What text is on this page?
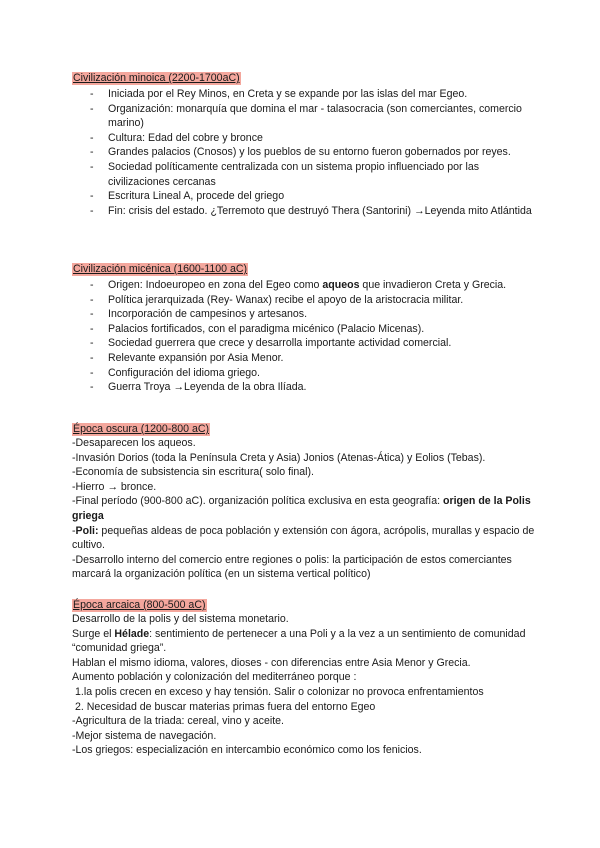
Civilización minoica (2200-1700aC)
- Iniciada por el Rey Minos, en Creta y se expande por las islas del mar Egeo.
- Organización: monarquía que domina el mar - talasocracia (son comerciantes, comercio marino)
- Cultura: Edad del cobre y bronce
- Grandes palacios (Cnosos) y los pueblos de su entorno fueron gobernados por reyes.
- Sociedad políticamente centralizada con un sistema propio influenciado por las civilizaciones cercanas
- Escritura Lineal A, procede del griego
- Fin: crisis del estado. ¿Terremoto que destruyó Thera (Santorini) →Leyenda mito Atlántida
Civilización micénica (1600-1100 aC)
- Origen: Indoeuropeo en zona del Egeo como aqueos que invadieron Creta y Grecia.
- Política jerarquizada (Rey- Wanax) recibe el apoyo de la aristocracia militar.
- Incorporación de campesinos y artesanos.
- Palacios fortificados, con el paradigma micénico (Palacio Micenas).
- Sociedad guerrera que crece y desarrolla importante actividad comercial.
- Relevante expansión por Asia Menor.
- Configuración del idioma griego.
- Guerra Troya →Leyenda de la obra Ilíada.
Época oscura (1200-800 aC)
-Desaparecen los aqueos.
-Invasión Dorios (toda la Península Creta y Asia) Jonios (Atenas-Ática) y Eolios (Tebas).
-Economía de subsistencia sin escritura( solo final).
-Hierro → bronce.
-Final período (900-800 aC). organización política exclusiva en esta geografía: origen de la Polis griega
-Poli: pequeñas aldeas de poca población y extensión con ágora, acrópolis, murallas y espacio de cultivo.
-Desarrollo interno del comercio entre regiones o polis: la participación de estos comerciantes marcará la organización política (en un sistema vertical político)
Época arcaica (800-500 aC)
Desarrollo de la polis y del sistema monetario.
Surge el Hélade: sentimiento de pertenecer a una Poli y a la vez a un sentimiento de comunidad “comunidad griega”.
Hablan el mismo idioma, valores, dioses - con diferencias entre Asia Menor y Grecia.
Aumento población y colonización del mediterráneo porque :
1.la polis crecen en exceso y hay tensión. Salir o colonizar no provoca enfrentamientos
2. Necesidad de buscar materias primas fuera del entorno Egeo
-Agricultura de la triada: cereal, vino y aceite.
-Mejor sistema de navegación.
-Los griegos: especialización en intercambio económico como los fenicios.
